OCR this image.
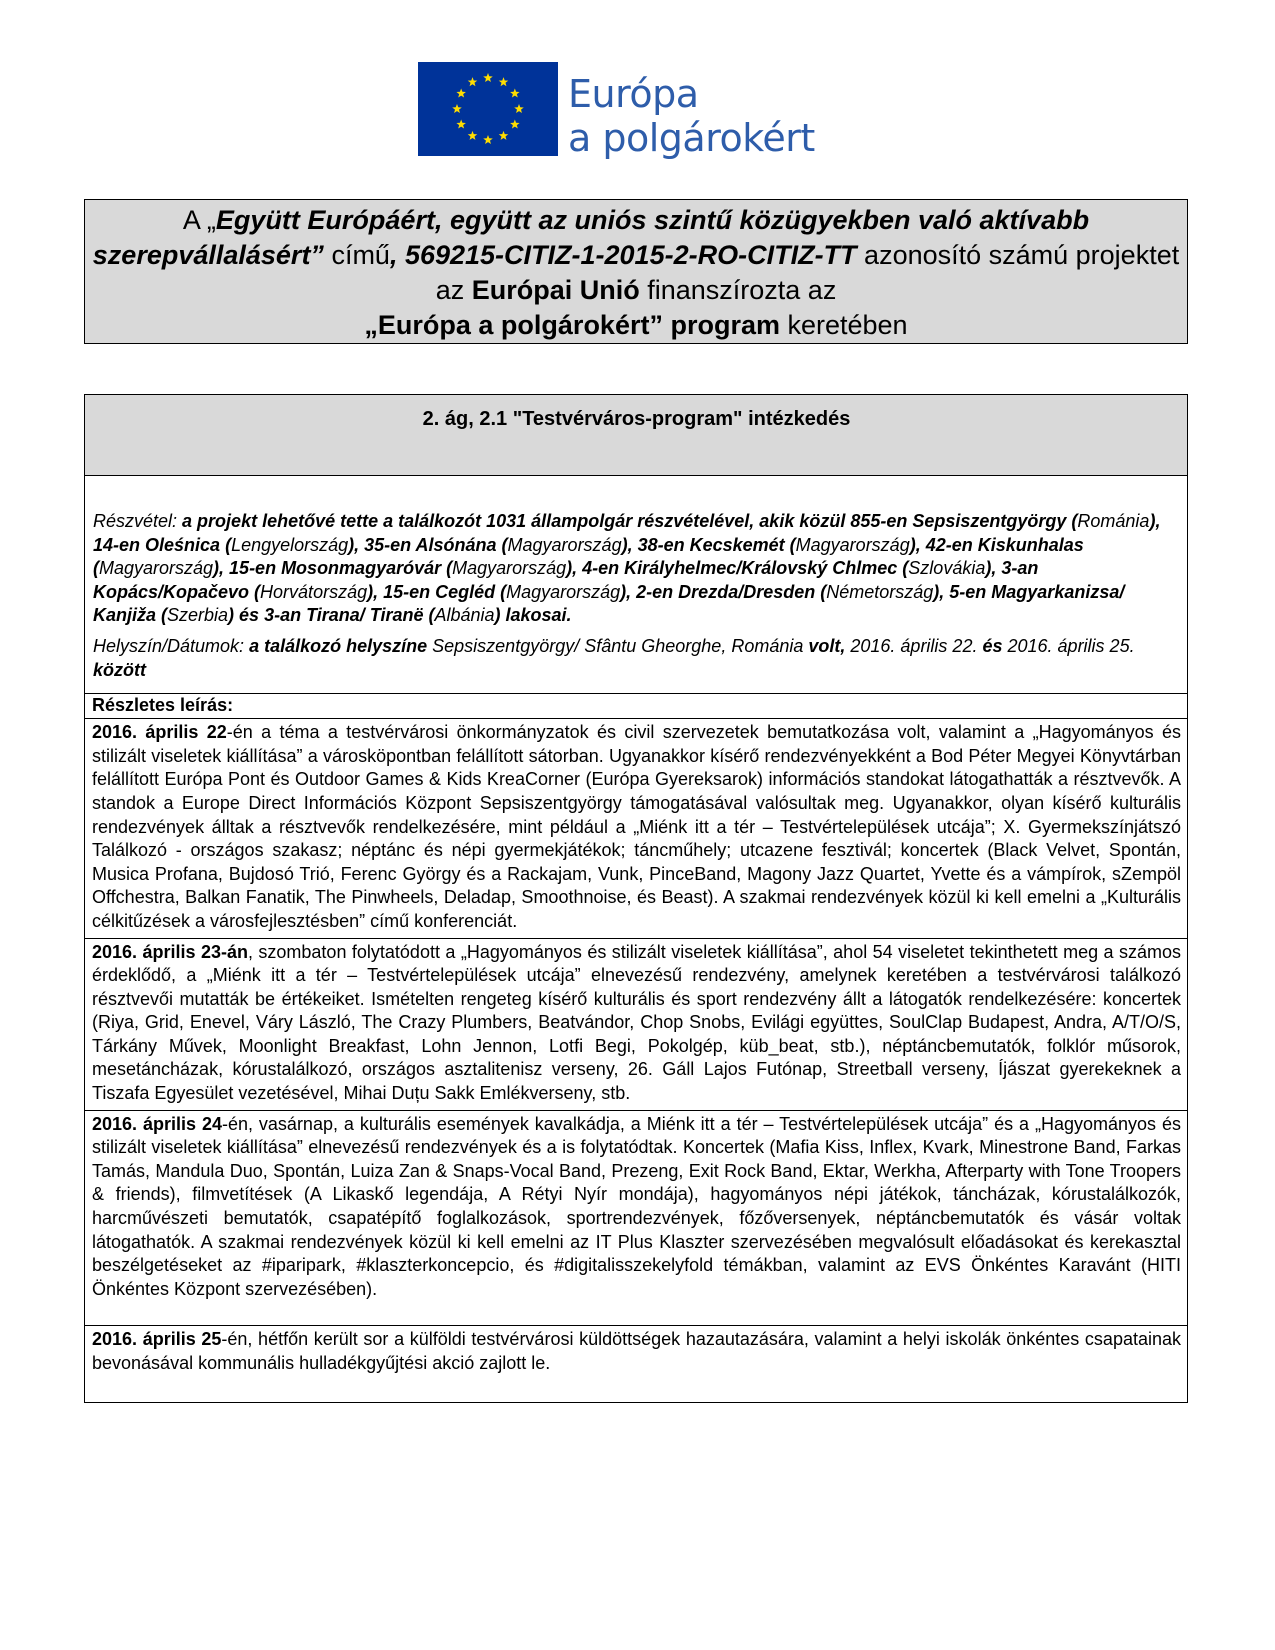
Európa
a polgárokért
A „Együtt Európáért, együtt az uniós szintű közügyekben való aktívabb szerepvállalásért” című, 569215-CITIZ-1-2015-2-RO-CITIZ-TT azonosító számú projektet az Európai Unió finanszírozta az
„Európa a polgárokért” program keretében
2. ág, 2.1 "Testvérváros-program" intézkedés

Részvétel: a projekt lehetővé tette a találkozót 1031 állampolgár részvételével, akik közül 855-en Sepsiszentgyörgy (Románia), 14-en Oleśnica (Lengyelország), 35-en Alsónána (Magyarország), 38-en Kecskemét (Magyarország), 42-en Kiskunhalas (Magyarország), 15-en Mosonmagyaróvár (Magyarország), 4-en Királyhelmec/Královský Chlmec (Szlovákia), 3-an Kopács/Kopačevo (Horvátország), 15-en Cegléd (Magyarország), 2-en Drezda/Dresden (Németország), 5-en Magyarkanizsa/ Kanjiža (Szerbia) és 3-an Tiranа/ Tiranë (Albánia) lakosai.

Helyszín/Dátumok: a találkozó helyszíne Sepsiszentgyörgy/ Sfântu Gheorghe, Románia volt, 2016. április 22. és 2016. április 25. között

Részletes leírás:
2016. április 22-én a téma a testvérvárosi önkormányzatok és civil szervezetek bemutatkozása volt, valamint a „Hagyományos és stilizált viseletek kiállítása” a városköpontban felállított sátorban. Ugyanakkor kísérő rendezvényekként a Bod Péter Megyei Könyvtárban felállított Európa Pont és Outdoor Games & Kids KreaCorner (Európa Gyereksarok) információs standokat látogathatták a résztvevők. A standok a Europe Direct Információs Központ Sepsiszentgyörgy támogatásával valósultak meg. Ugyanakkor, olyan kísérő kulturális rendezvények álltak a résztvevők rendelkezésére, mint például a „Miénk itt a tér – Testvértelepülések utcája”; X. Gyermekszínjátszó Találkozó - országos szakasz; néptánc és népi gyermekjátékok; táncműhely; utcazene fesztivál; koncertek (Black Velvet, Spontán, Musica Profana, Bujdosó Trió, Ferenc György és a Rackajam, Vunk, PinceBand, Magony Jazz Quartet, Yvette és a vámpírok, sZempöl Offchestra, Balkan Fanatik, The Pinwheels, Deladap, Smoothnoise, és Beast). A szakmai rendezvények közül ki kell emelni a „Kulturális célkitűzések a városfejlesztésben” című konferenciát.
2016. április 23-án, szombaton folytatódott a „Hagyományos és stilizált viseletek kiállítása”, ahol 54 viseletet tekinthetett meg a számos érdeklődő, a „Miénk itt a tér – Testvértelepülések utcája” elnevezésű rendezvény, amelynek keretében a testvérvárosi találkozó résztvevői mutatták be értékeiket. Ismételten rengeteg kísérő kulturális és sport rendezvény állt a látogatók rendelkezésére: koncertek (Riya, Grid, Enevel, Váry László, The Crazy Plumbers, Beatvándor, Chop Snobs, Evilági együttes, SoulClap Budapest, Andra, A/T/O/S, Tárkány Művek, Moonlight Breakfast, Lohn Jennon, Lotfi Begi, Pokolgép, küb_beat, stb.), néptáncbemutatók, folklór műsorok, mesetáncházak, kórustalálkozó, országos asztalitenisz verseny, 26. Gáll Lajos Futónap, Streetball verseny, Íjászat gyerekeknek a Tiszafa Egyesület vezetésével, Mihai Duțu Sakk Emlékverseny, stb.
2016. április 24-én, vasárnap, a kulturális események kavalkádja, a Miénk itt a tér – Testvértelepülések utcája” és a „Hagyományos és stilizált viseletek kiállítása” elnevezésű rendezvények és a is folytatódtak. Koncertek (Mafia Kiss, Inflex, Kvark, Minestrone Band, Farkas Tamás, Mandula Duo, Spontán, Luiza Zan & Snaps-Vocal Band, Prezeng, Exit Rock Band, Ektar, Werkha, Afterparty with Tone Troopers & friends), filmvetítések (A Likaskő legendája, A Rétyi Nyír mondája), hagyományos népi játékok, táncházak, kórustalálkozók, harcművészeti bemutatók, csapatépítő foglalkozások, sportrendezvények, főzőversenyek, néptáncbemutatók és vásár voltak látogathatók. A szakmai rendezvények közül ki kell emelni az IT Plus Klaszter szervezésében megvalósult előadásokat és kerekasztal beszélgetéseket az #iparipark, #klaszterkoncepcio, és #digitalisszekelyfold témákban, valamint az EVS Önkéntes Karavánt (HITI Önkéntes Központ szervezésében).
2016. április 25-én, hétfőn került sor a külföldi testvérvárosi küldöttségek hazautazására, valamint a helyi iskolák önkéntes csapatainak bevonásával kommunális hulladékgyűjtési akció zajlott le.
